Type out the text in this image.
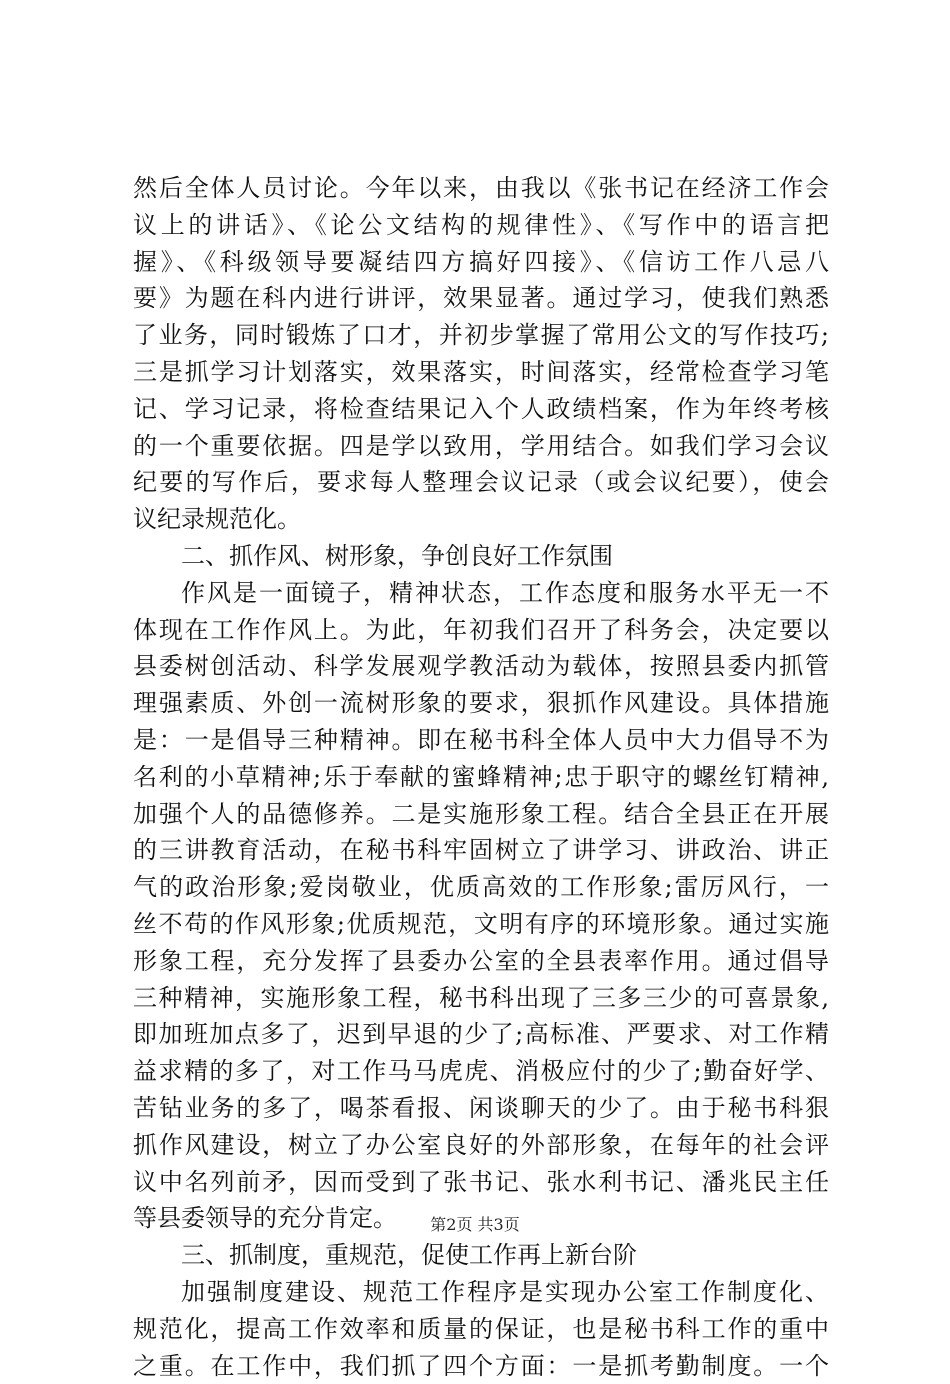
然后全体人员讨论。今年以来，由我以《张书记在经济工作会
议上的讲话》、《论公文结构的规律性》、《写作中的语言把
握》、《科级领导要凝结四方搞好四接》、《信访工作八忌八
要》为题在科内进行讲评，效果显著。通过学习，使我们熟悉
了业务，同时锻炼了口才，并初步掌握了常用公文的写作技巧;
三是抓学习计划落实，效果落实，时间落实，经常检查学习笔
记、学习记录，将检查结果记入个人政绩档案，作为年终考核
的一个重要依据。四是学以致用，学用结合。如我们学习会议
纪要的写作后，要求每人整理会议记录（或会议纪要），使会
议纪录规范化。
二、抓作风、树形象，争创良好工作氛围
作风是一面镜子，精神状态，工作态度和服务水平无一不
体现在工作作风上。为此，年初我们召开了科务会，决定要以
县委树创活动、科学发展观学教活动为载体，按照县委内抓管
理强素质、外创一流树形象的要求，狠抓作风建设。具体措施
是：一是倡导三种精神。即在秘书科全体人员中大力倡导不为
名利的小草精神;乐于奉献的蜜蜂精神;忠于职守的螺丝钉精神,
加强个人的品德修养。二是实施形象工程。结合全县正在开展
的三讲教育活动，在秘书科牢固树立了讲学习、讲政治、讲正
气的政治形象;爱岗敬业，优质高效的工作形象;雷厉风行，一
丝不苟的作风形象;优质规范，文明有序的环境形象。通过实施
形象工程，充分发挥了县委办公室的全县表率作用。通过倡导
三种精神，实施形象工程，秘书科出现了三多三少的可喜景象,
即加班加点多了，迟到早退的少了;高标准、严要求、对工作精
益求精的多了，对工作马马虎虎、消极应付的少了;勤奋好学、
苦钻业务的多了，喝茶看报、闲谈聊天的少了。由于秘书科狠
抓作风建设，树立了办公室良好的外部形象，在每年的社会评
议中名列前矛，因而受到了张书记、张水利书记、潘兆民主任
等县委领导的充分肯定。
三、抓制度，重规范，促使工作再上新台阶
加强制度建设、规范工作程序是实现办公室工作制度化、
规范化，提高工作效率和质量的保证，也是秘书科工作的重中
之重。在工作中，我们抓了四个方面：一是抓考勤制度。一个
第2页 共3页
